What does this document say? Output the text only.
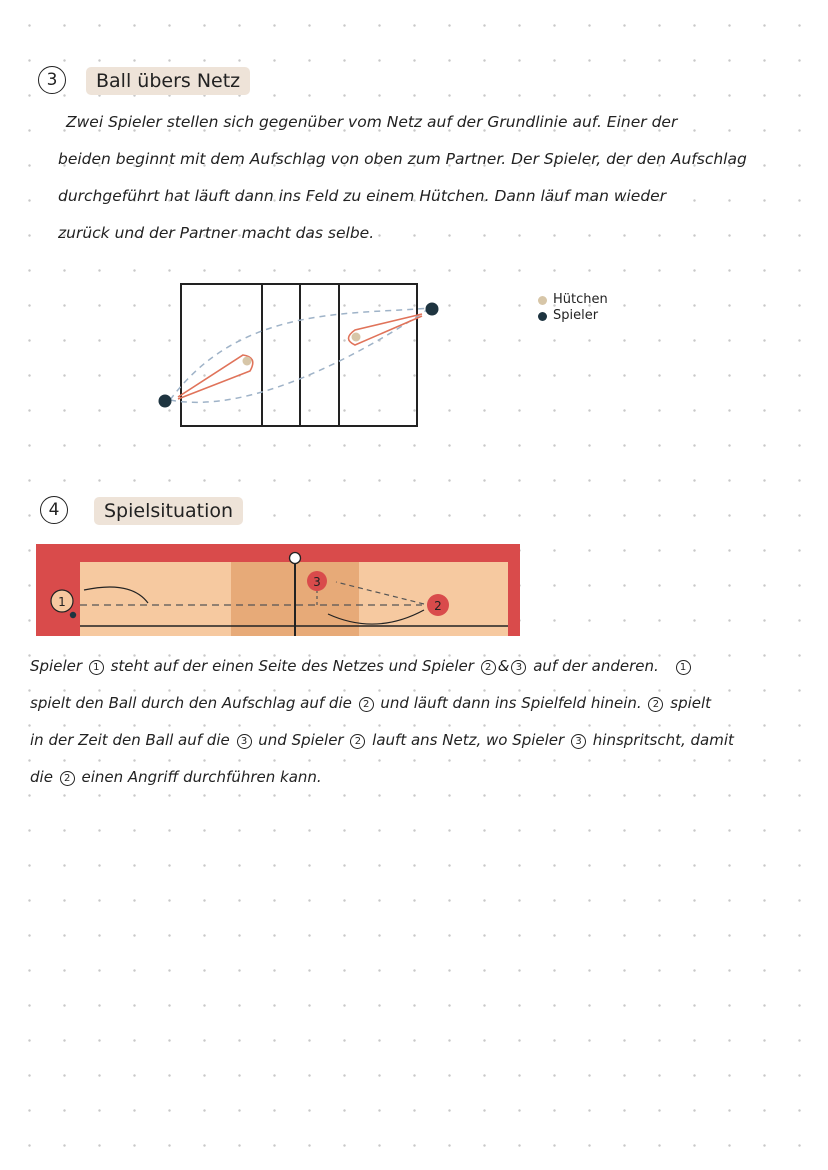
3	Ball übers Netz
Zwei Spieler stellen sich gegenüber vom Netz auf der Grundlinie auf. Einer der
beiden beginnt mit dem Aufschlag von oben zum Partner. Der Spieler, der den Aufschlag
durchgeführt hat läuft dann ins Feld zu einem Hütchen. Dann läuf man wieder
zurück und der Partner macht das selbe.
Hütchen
Spieler
4	Spielsituation
1
3
2
Spieler 1 steht auf der einen Seite des Netzes und Spieler 2 & 3 auf der anderen. 1
spielt den Ball durch den Aufschlag auf die 2 und läuft dann ins Spielfeld hinein. 2 spielt
in der Zeit den Ball auf die 3 und Spieler 2 lauft ans Netz, wo Spieler 3 hinspritscht, damit
die 2 einen Angriff durchführen kann.
